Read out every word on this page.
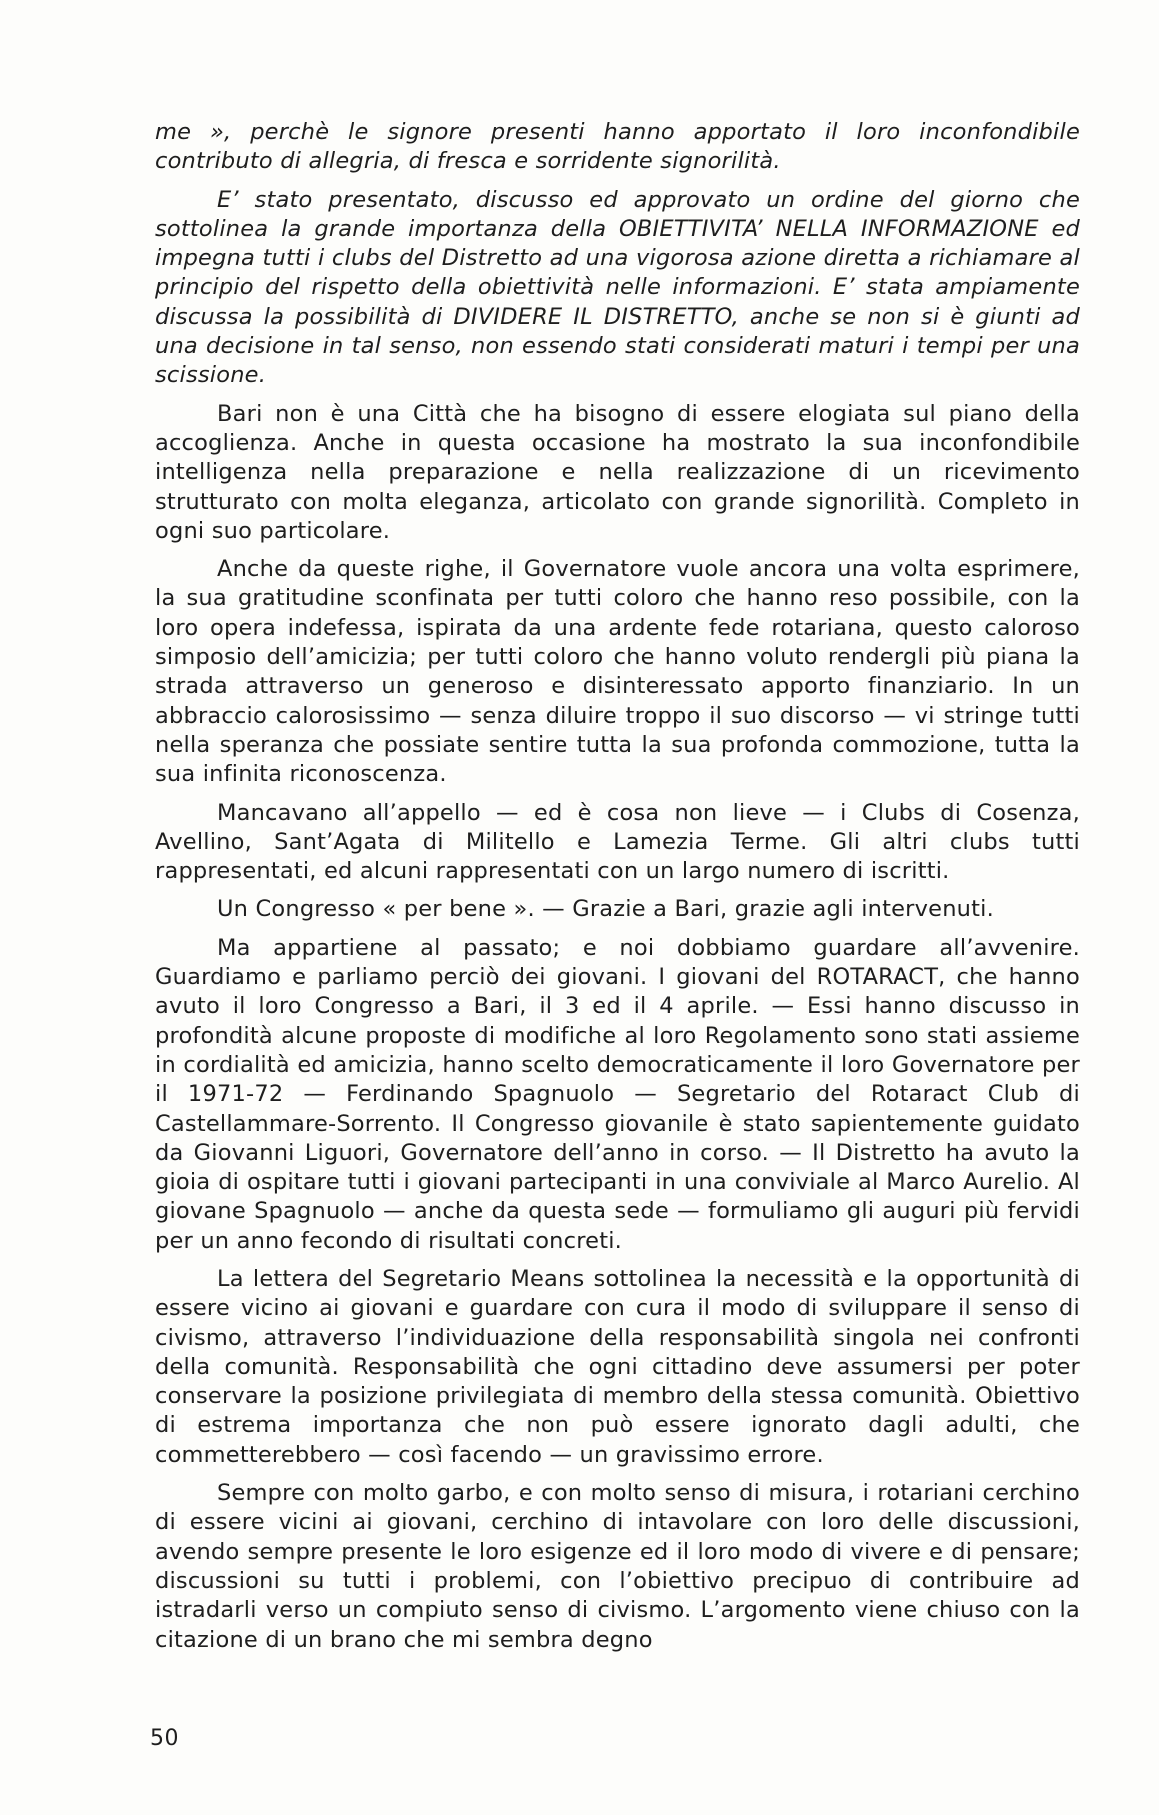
me », perchè le signore presenti hanno apportato il loro inconfondibile contributo di allegria, di fresca e sorridente signorilità.

E’ stato presentato, discusso ed approvato un ordine del giorno che sottolinea la grande importanza della OBIETTIVITA’ NELLA INFORMAZIONE ed impegna tutti i clubs del Distretto ad una vigorosa azione diretta a richiamare al principio del rispetto della obiettività nelle informazioni. E’ stata ampiamente discussa la possibilità di DIVIDERE IL DISTRETTO, anche se non si è giunti ad una decisione in tal senso, non essendo stati considerati maturi i tempi per una scissione.

Bari non è una Città che ha bisogno di essere elogiata sul piano della accoglienza. Anche in questa occasione ha mostrato la sua inconfondibile intelligenza nella preparazione e nella realizzazione di un ricevimento strutturato con molta eleganza, articolato con grande signorilità. Completo in ogni suo particolare.

Anche da queste righe, il Governatore vuole ancora una volta esprimere, la sua gratitudine sconfinata per tutti coloro che hanno reso possibile, con la loro opera indefessa, ispirata da una ardente fede rotariana, questo caloroso simposio dell’amicizia; per tutti coloro che hanno voluto rendergli più piana la strada attraverso un generoso e disinteressato apporto finanziario. In un abbraccio calorosissimo — senza diluire troppo il suo discorso — vi stringe tutti nella speranza che possiate sentire tutta la sua profonda commozione, tutta la sua infinita riconoscenza.

Mancavano all’appello — ed è cosa non lieve — i Clubs di Cosenza, Avellino, Sant’Agata di Militello e Lamezia Terme. Gli altri clubs tutti rappresentati, ed alcuni rappresentati con un largo numero di iscritti.

Un Congresso « per bene ». — Grazie a Bari, grazie agli intervenuti.

Ma appartiene al passato; e noi dobbiamo guardare all’avvenire. Guardiamo e parliamo perciò dei giovani. I giovani del ROTARACT, che hanno avuto il loro Congresso a Bari, il 3 ed il 4 aprile. — Essi hanno discusso in profondità alcune proposte di modifiche al loro Regolamento sono stati assieme in cordialità ed amicizia, hanno scelto democraticamente il loro Governatore per il 1971-72 — Ferdinando Spagnuolo — Segretario del Rotaract Club di Castellammare-Sorrento. Il Congresso giovanile è stato sapientemente guidato da Giovanni Liguori, Governatore dell’anno in corso. — Il Distretto ha avuto la gioia di ospitare tutti i giovani partecipanti in una conviviale al Marco Aurelio. Al giovane Spagnuolo — anche da questa sede — formuliamo gli auguri più fervidi per un anno fecondo di risultati concreti.

La lettera del Segretario Means sottolinea la necessità e la opportunità di essere vicino ai giovani e guardare con cura il modo di sviluppare il senso di civismo, attraverso l’individuazione della responsabilità singola nei confronti della comunità. Responsabilità che ogni cittadino deve assumersi per poter conservare la posizione privilegiata di membro della stessa comunità. Obiettivo di estrema importanza che non può essere ignorato dagli adulti, che commetterebbero — così facendo — un gravissimo errore.

Sempre con molto garbo, e con molto senso di misura, i rotariani cerchino di essere vicini ai giovani, cerchino di intavolare con loro delle discussioni, avendo sempre presente le loro esigenze ed il loro modo di vivere e di pensare; discussioni su tutti i problemi, con l’obiettivo precipuo di contribuire ad istradarli verso un compiuto senso di civismo. L’argomento viene chiuso con la citazione di un brano che mi sembra degno

50
